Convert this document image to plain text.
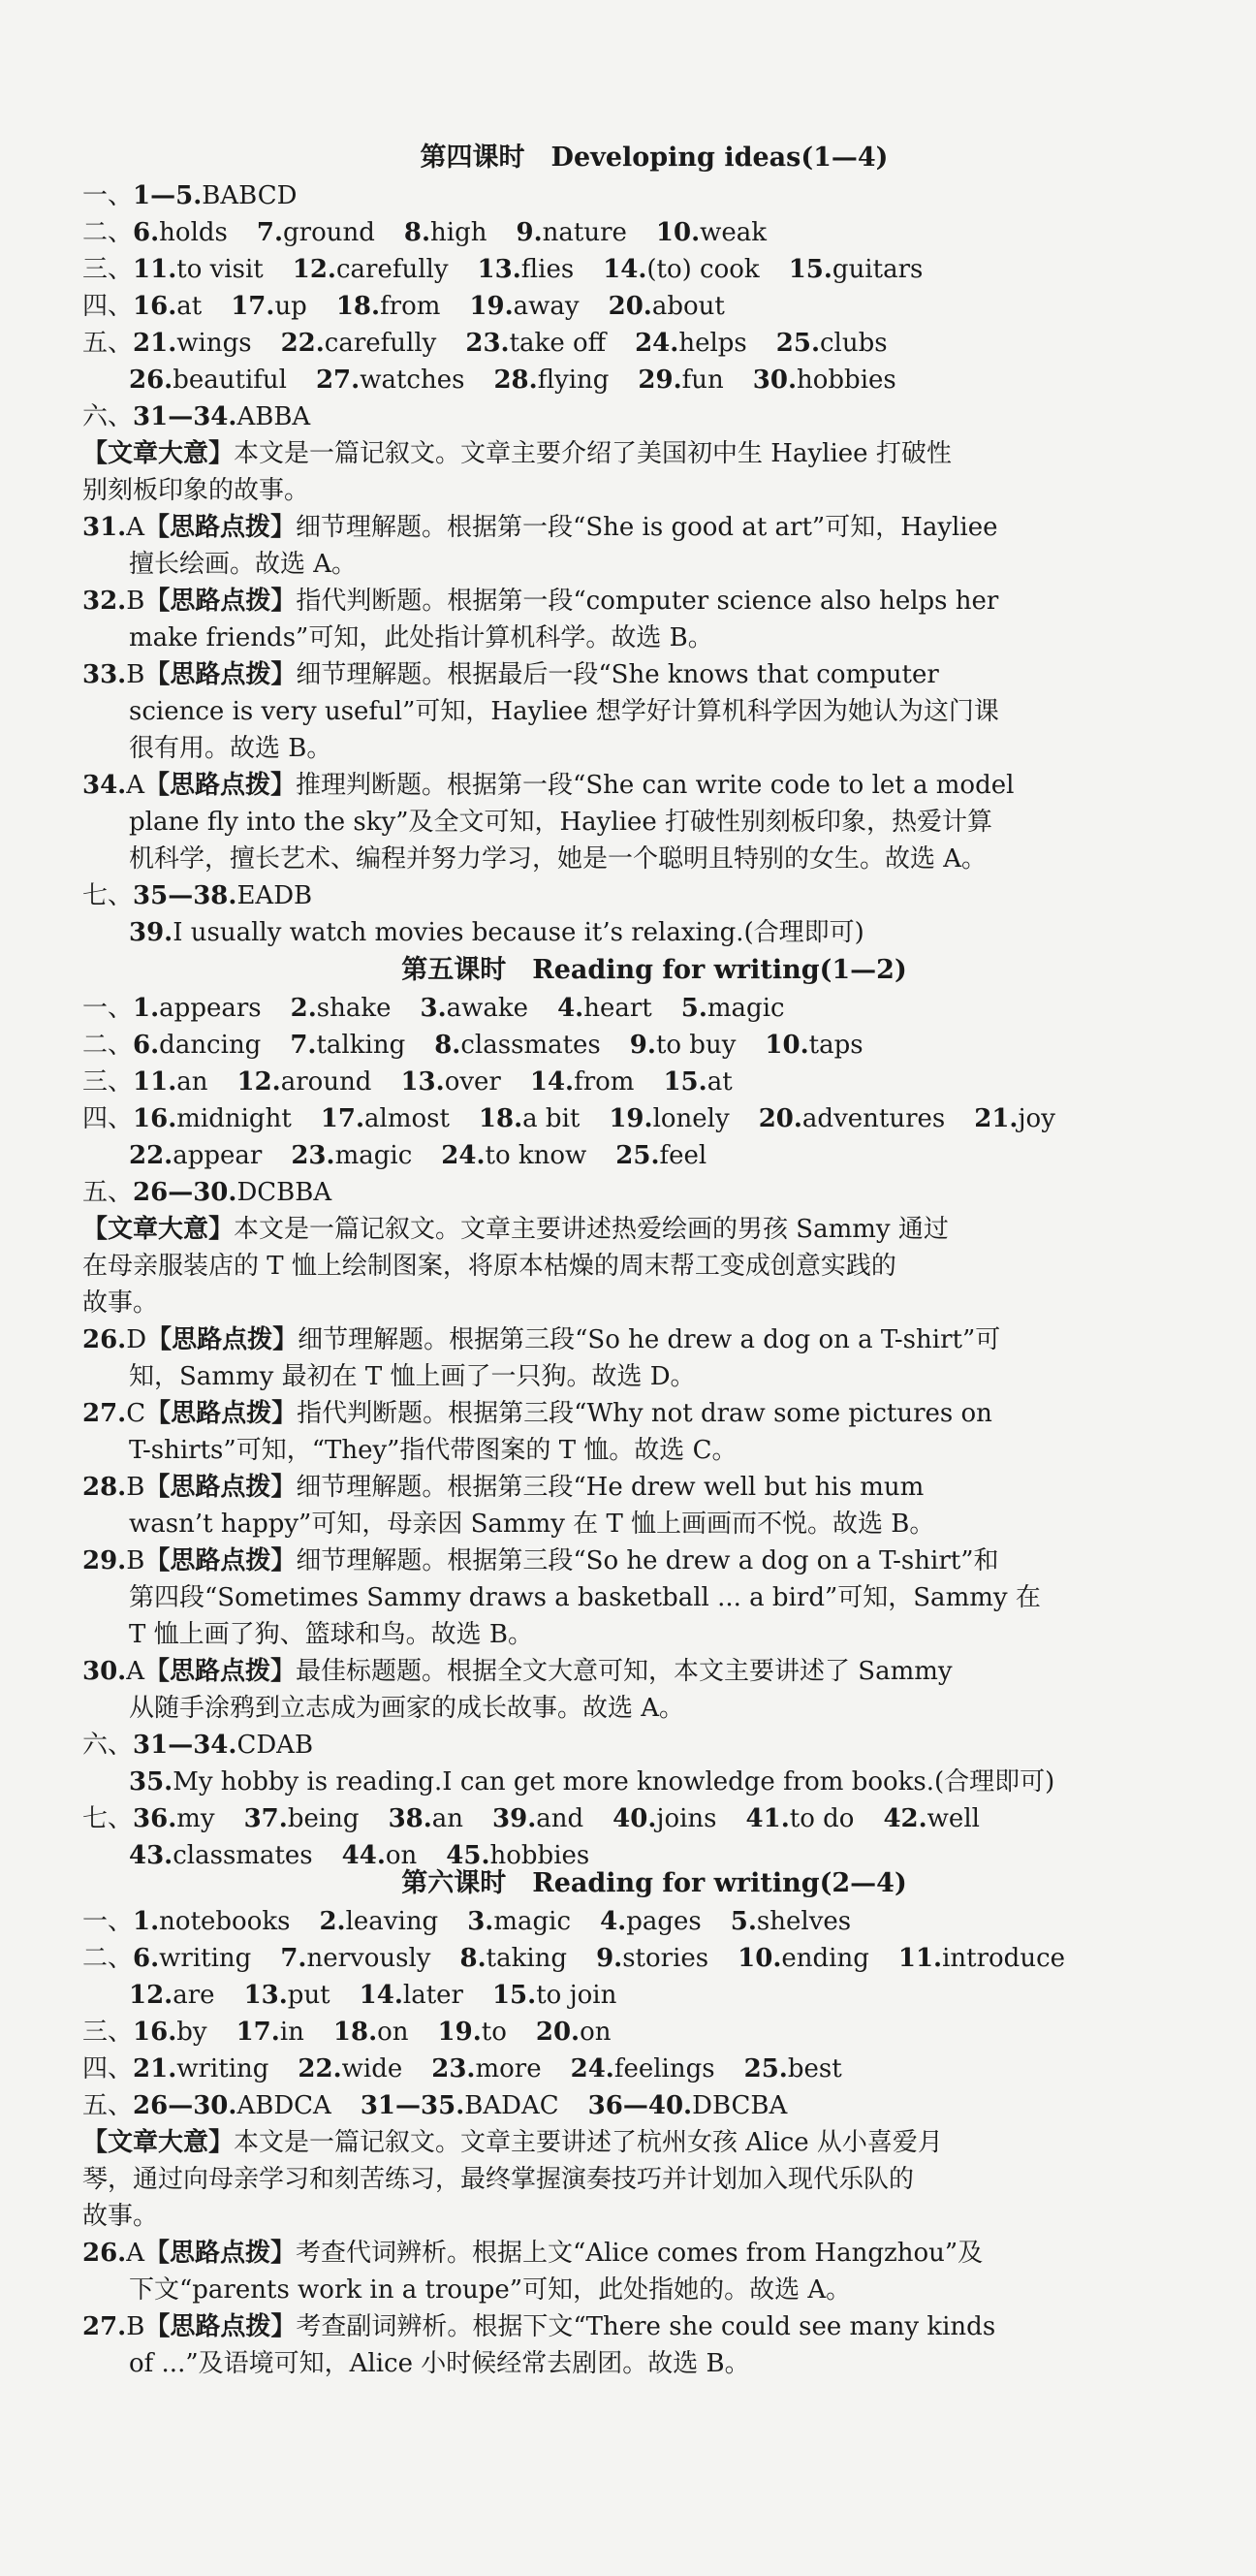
第四课时　Developing ideas(1—4)
一、1—5.BABCD
二、6.holds 7.ground 8.high 9.nature 10.weak
三、11.to visit 12.carefully 13.flies 14.(to) cook 15.guitars
四、16.at 17.up 18.from 19.away 20.about
五、21.wings 22.carefully 23.take off 24.helps 25.clubs
26.beautiful 27.watches 28.flying 29.fun 30.hobbies
六、31—34.ABBA
【文章大意】本文是一篇记叙文。文章主要介绍了美国初中生 Hayliee 打破性
别刻板印象的故事。
31.A【思路点拨】细节理解题。根据第一段“She is good at art”可知，Hayliee
擅长绘画。故选 A。
32.B【思路点拨】指代判断题。根据第一段“computer science also helps her
make friends”可知，此处指计算机科学。故选 B。
33.B【思路点拨】细节理解题。根据最后一段“She knows that computer
science is very useful”可知，Hayliee 想学好计算机科学因为她认为这门课
很有用。故选 B。
34.A【思路点拨】推理判断题。根据第一段“She can write code to let a model
plane fly into the sky”及全文可知，Hayliee 打破性别刻板印象，热爱计算
机科学，擅长艺术、编程并努力学习，她是一个聪明且特别的女生。故选 A。
七、35—38.EADB
39.I usually watch movies because it’s relaxing.(合理即可)
第五课时　Reading for writing(1—2)
一、1.appears 2.shake 3.awake 4.heart 5.magic
二、6.dancing 7.talking 8.classmates 9.to buy 10.taps
三、11.an 12.around 13.over 14.from 15.at
四、16.midnight 17.almost 18.a bit 19.lonely 20.adventures 21.joy
22.appear 23.magic 24.to know 25.feel
五、26—30.DCBBA
【文章大意】本文是一篇记叙文。文章主要讲述热爱绘画的男孩 Sammy 通过
在母亲服装店的 T 恤上绘制图案，将原本枯燥的周末帮工变成创意实践的
故事。
26.D【思路点拨】细节理解题。根据第三段“So he drew a dog on a T-shirt”可
知，Sammy 最初在 T 恤上画了一只狗。故选 D。
27.C【思路点拨】指代判断题。根据第三段“Why not draw some pictures on
T-shirts”可知，“They”指代带图案的 T 恤。故选 C。
28.B【思路点拨】细节理解题。根据第三段“He drew well but his mum
wasn’t happy”可知，母亲因 Sammy 在 T 恤上画画而不悦。故选 B。
29.B【思路点拨】细节理解题。根据第三段“So he drew a dog on a T-shirt”和
第四段“Sometimes Sammy draws a basketball ... a bird”可知，Sammy 在
T 恤上画了狗、篮球和鸟。故选 B。
30.A【思路点拨】最佳标题题。根据全文大意可知，本文主要讲述了 Sammy
从随手涂鸦到立志成为画家的成长故事。故选 A。
六、31—34.CDAB
35.My hobby is reading.I can get more knowledge from books.(合理即可)
七、36.my 37.being 38.an 39.and 40.joins 41.to do 42.well
43.classmates 44.on 45.hobbies
第六课时　Reading for writing(2—4)
一、1.notebooks 2.leaving 3.magic 4.pages 5.shelves
二、6.writing 7.nervously 8.taking 9.stories 10.ending 11.introduce
12.are 13.put 14.later 15.to join
三、16.by 17.in 18.on 19.to 20.on
四、21.writing 22.wide 23.more 24.feelings 25.best
五、26—30.ABDCA 31—35.BADAC 36—40.DBCBA
【文章大意】本文是一篇记叙文。文章主要讲述了杭州女孩 Alice 从小喜爱月
琴，通过向母亲学习和刻苦练习，最终掌握演奏技巧并计划加入现代乐队的
故事。
26.A【思路点拨】考查代词辨析。根据上文“Alice comes from Hangzhou”及
下文“parents work in a troupe”可知，此处指她的。故选 A。
27.B【思路点拨】考查副词辨析。根据下文“There she could see many kinds
of ...”及语境可知，Alice 小时候经常去剧团。故选 B。
